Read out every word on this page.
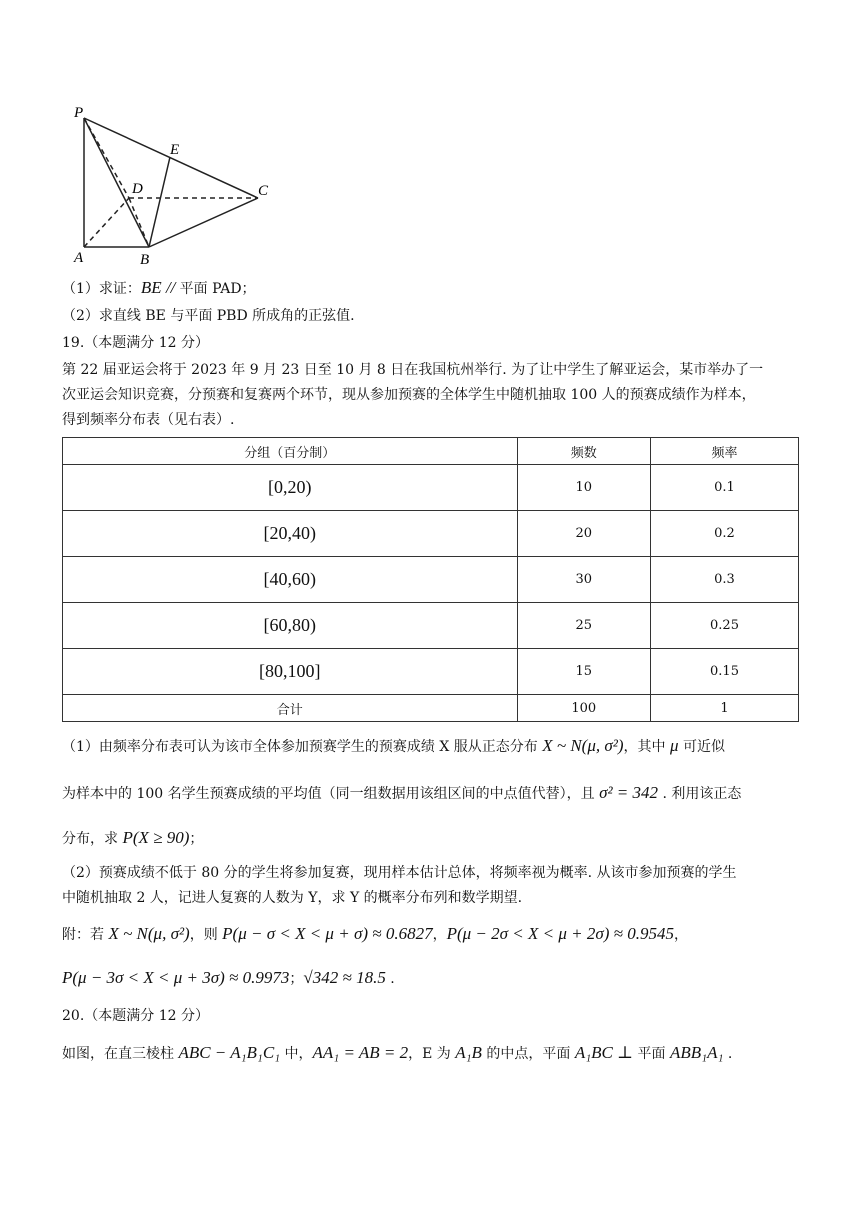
P
E
D	C
A	B
（1）求证：BE // 平面 PAD；
（2）求直线 BE 与平面 PBD 所成角的正弦值.
19.（本题满分 12 分）
第 22 届亚运会将于 2023 年 9 月 23 日至 10 月 8 日在我国杭州举行. 为了让中学生了解亚运会，某市举办了一
次亚运会知识竞赛，分预赛和复赛两个环节，现从参加预赛的全体学生中随机抽取 100 人的预赛成绩作为样本，
得到频率分布表（见右表）.
分组（百分制）	频数	频率
[0,20)	10	0.1
[20,40)	20	0.2
[40,60)	30	0.3
[60,80)	25	0.25
[80,100]	15	0.15
合计	100	1
（1）由频率分布表可认为该市全体参加预赛学生的预赛成绩 X 服从正态分布 X ~ N(μ, σ²)，其中 μ 可近似
为样本中的 100 名学生预赛成绩的平均值（同一组数据用该组区间的中点值代替），且 σ² = 342 . 利用该正态
分布，求 P(X ≥ 90)；
（2）预赛成绩不低于 80 分的学生将参加复赛，现用样本估计总体，将频率视为概率. 从该市参加预赛的学生
中随机抽取 2 人，记进人复赛的人数为 Y，求 Y 的概率分布列和数学期望.
附：若 X ~ N(μ, σ²)，则 P(μ − σ < X < μ + σ) ≈ 0.6827，P(μ − 2σ < X < μ + 2σ) ≈ 0.9545，
P(μ − 3σ < X < μ + 3σ) ≈ 0.9973；√342 ≈ 18.5 .
20.（本题满分 12 分）
如图，在直三棱柱 ABC − A₁B₁C₁ 中，AA₁ = AB = 2，E 为 A₁B 的中点，平面 A₁BC ⊥ 平面 ABB₁A₁ .
